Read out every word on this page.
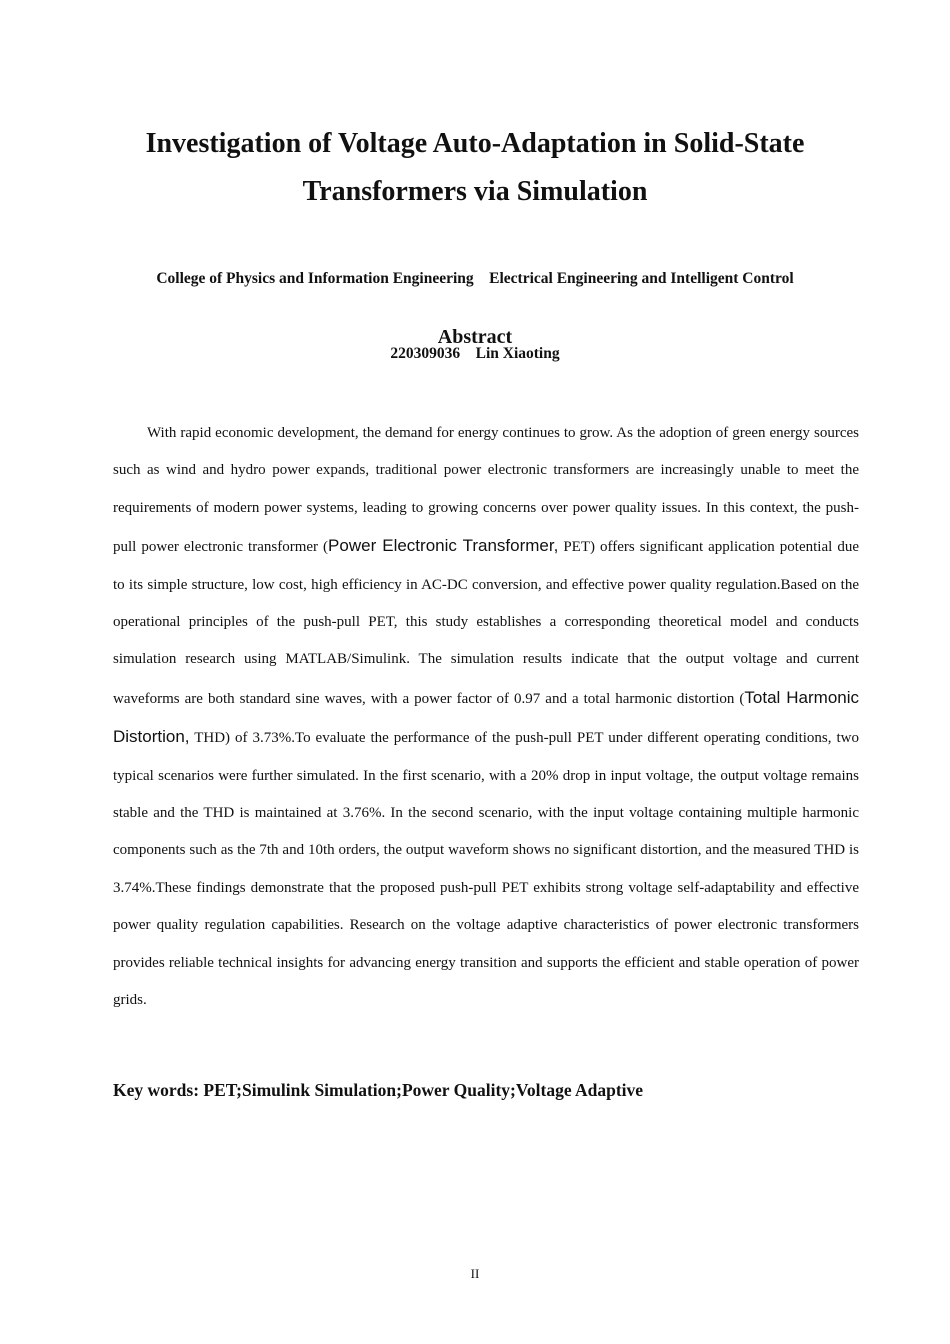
Investigation of Voltage Auto-Adaptation in Solid-State
Transformers via Simulation

College of Physics and Information Engineering Electrical Engineering and Intelligent Control

220309036 Lin Xiaoting

Abstract

With rapid economic development, the demand for energy continues to grow. As the adoption of green energy sources such as wind and hydro power expands, traditional power electronic transformers are increasingly unable to meet the requirements of modern power systems, leading to growing concerns over power quality issues. In this context, the push-pull power electronic transformer (Power Electronic Transformer, PET) offers significant application potential due to its simple structure, low cost, high efficiency in AC-DC conversion, and effective power quality regulation.Based on the operational principles of the push-pull PET, this study establishes a corresponding theoretical model and conducts simulation research using MATLAB/Simulink. The simulation results indicate that the output voltage and current waveforms are both standard sine waves, with a power factor of 0.97 and a total harmonic distortion (Total Harmonic Distortion, THD) of 3.73%.To evaluate the performance of the push-pull PET under different operating conditions, two typical scenarios were further simulated. In the first scenario, with a 20% drop in input voltage, the output voltage remains stable and the THD is maintained at 3.76%. In the second scenario, with the input voltage containing multiple harmonic components such as the 7th and 10th orders, the output waveform shows no significant distortion, and the measured THD is 3.74%.These findings demonstrate that the proposed push-pull PET exhibits strong voltage self-adaptability and effective power quality regulation capabilities. Research on the voltage adaptive characteristics of power electronic transformers provides reliable technical insights for advancing energy transition and supports the efficient and stable operation of power grids.

Key words: PET;Simulink Simulation;Power Quality;Voltage Adaptive
II
